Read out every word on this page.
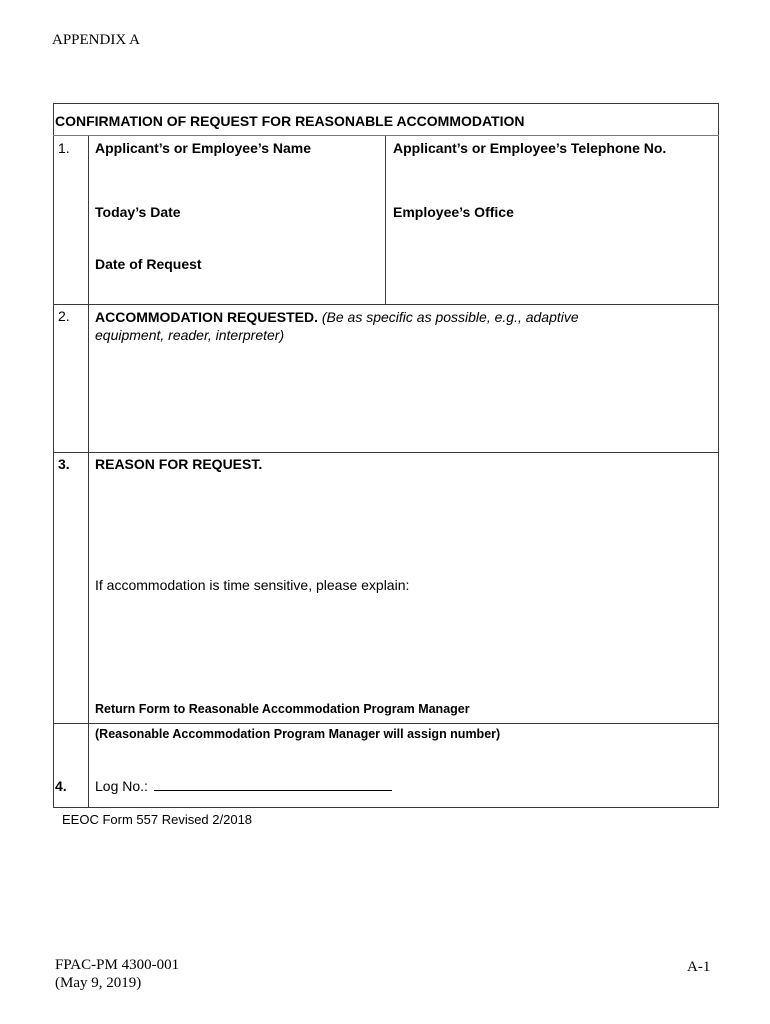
APPENDIX A
CONFIRMATION OF REQUEST FOR REASONABLE ACCOMMODATION
1. Applicant’s or Employee’s Name	Applicant’s or Employee’s Telephone No.
Today’s Date	Employee’s Office
Date of Request
2. ACCOMMODATION REQUESTED. (Be as specific as possible, e.g., adaptive equipment, reader, interpreter)
3. REASON FOR REQUEST.
If accommodation is time sensitive, please explain:
Return Form to Reasonable Accommodation Program Manager
(Reasonable Accommodation Program Manager will assign number)
4. Log No.:
EEOC Form 557 Revised 2/2018
FPAC-PM 4300-001
(May 9, 2019)
A-1
